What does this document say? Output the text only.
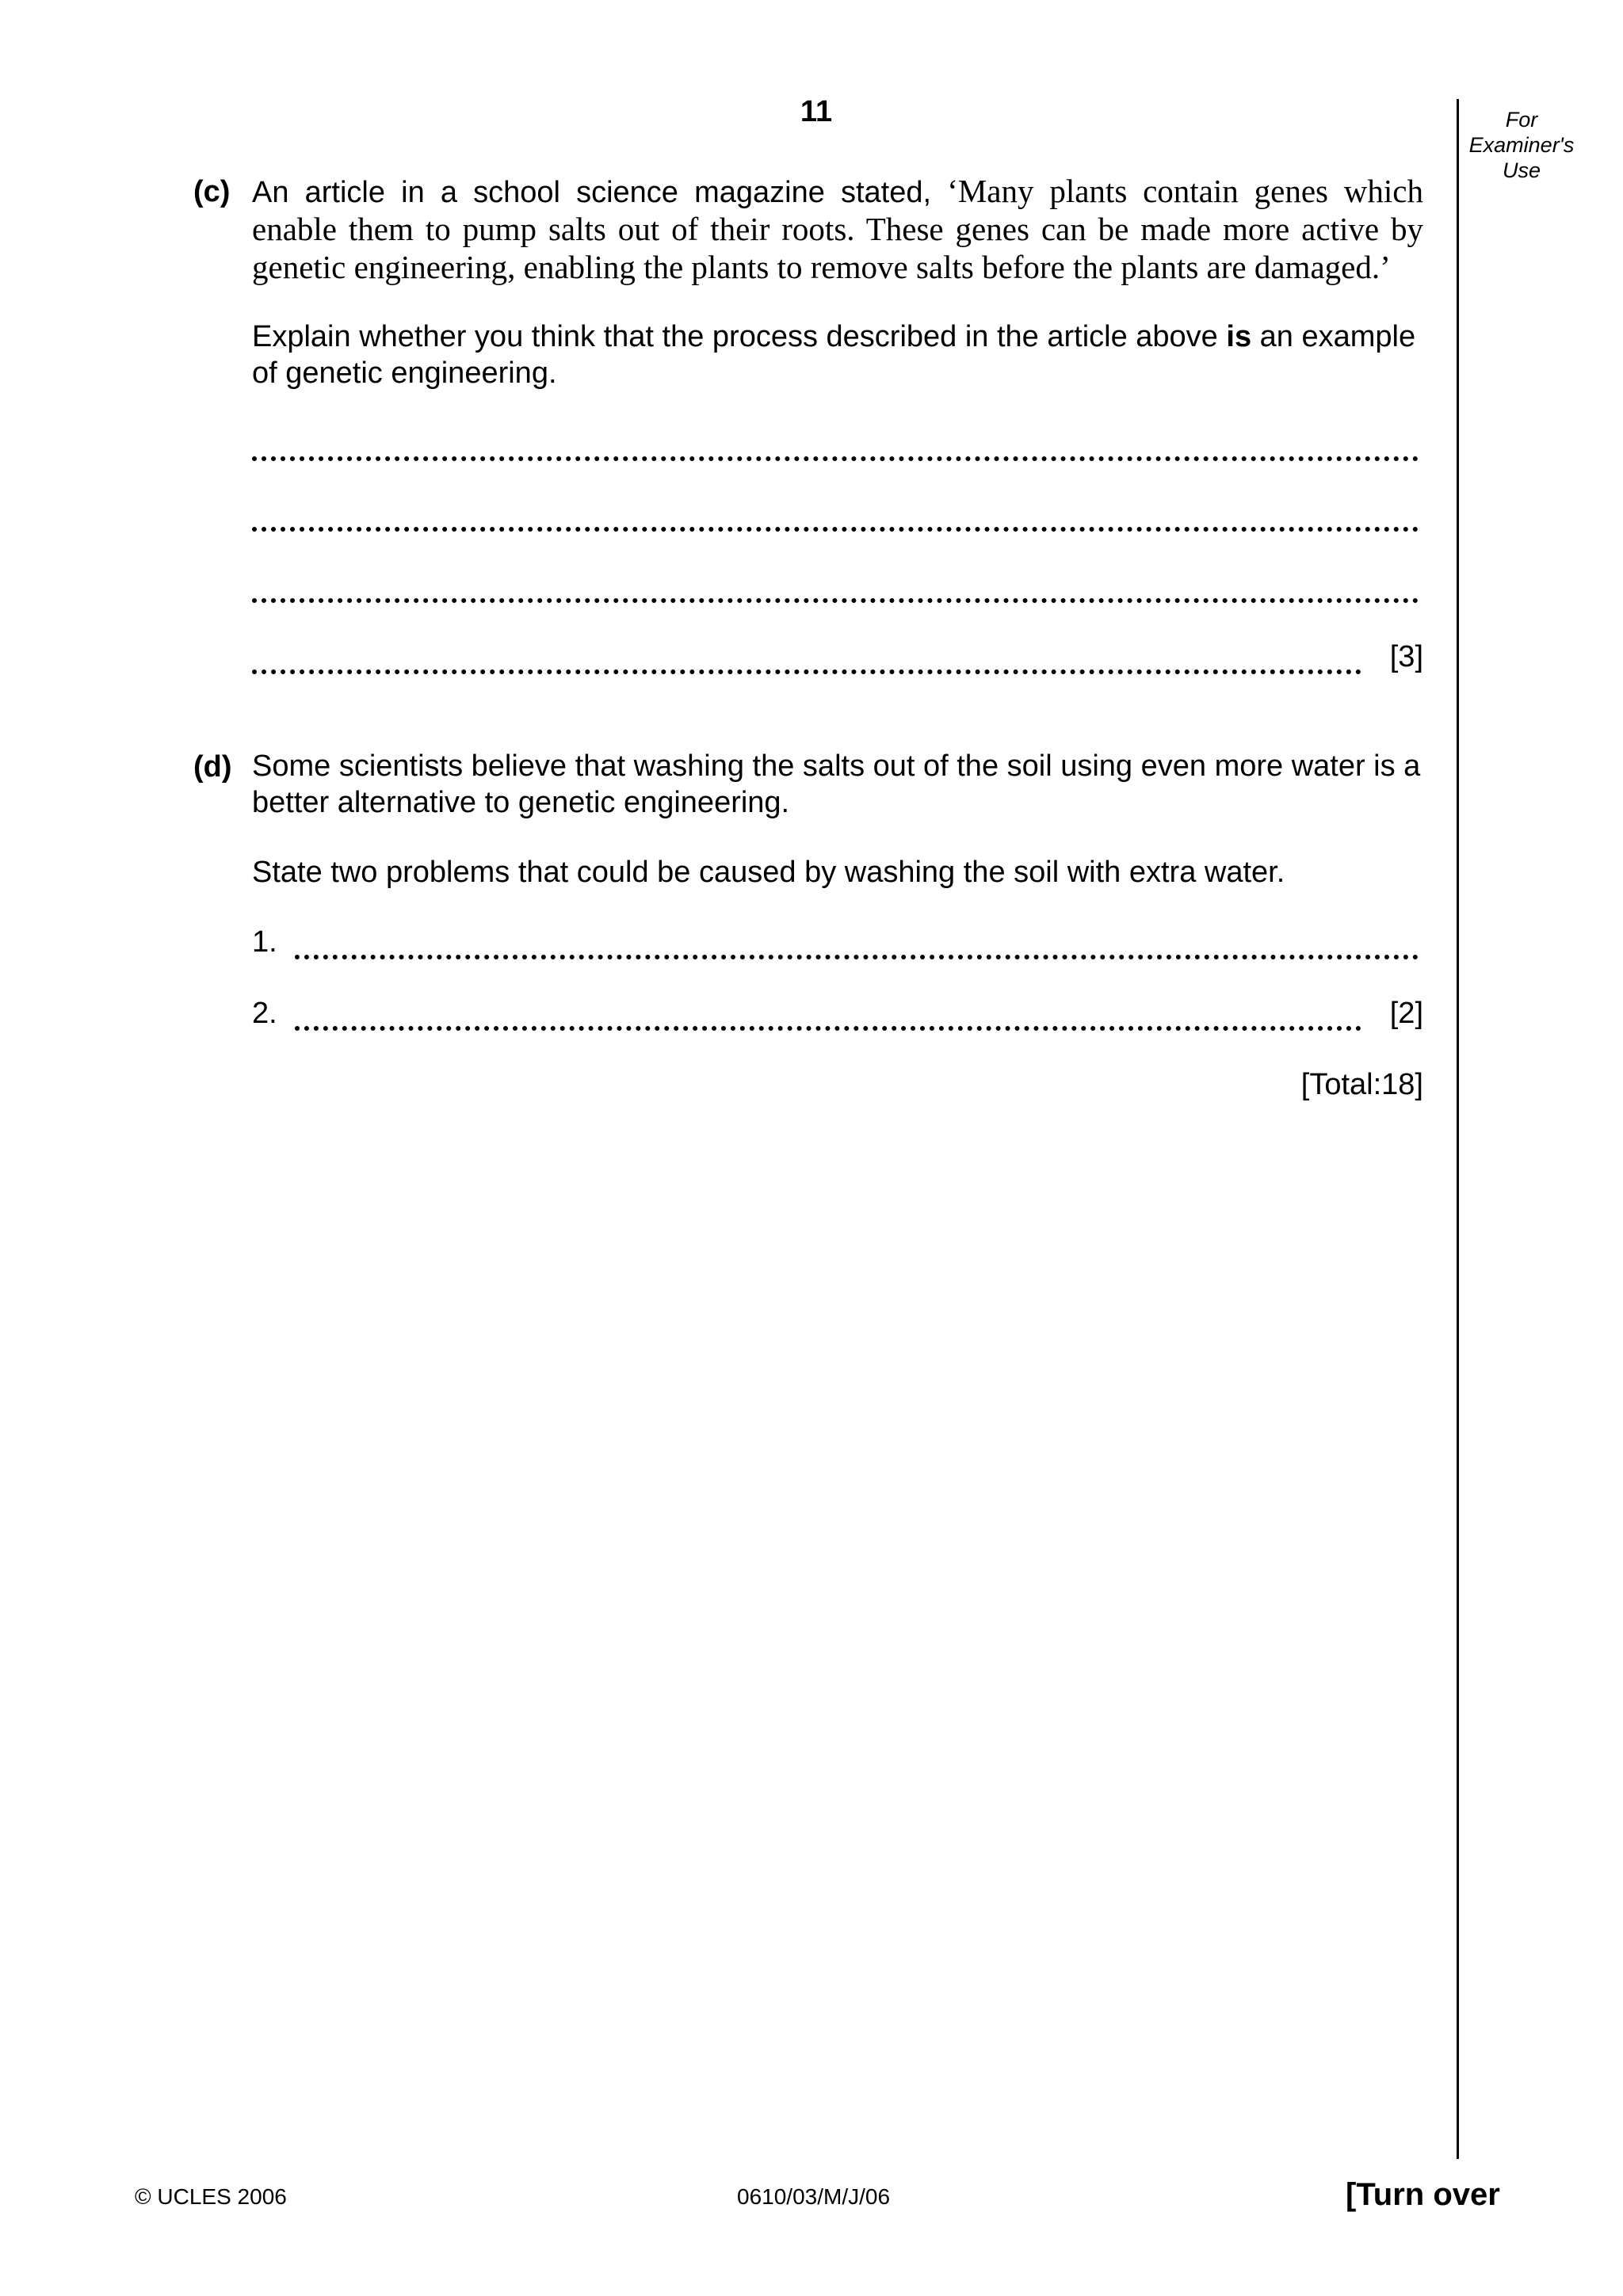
11	For
Examiner's
Use
(c) An article in a school science magazine stated, ‘Many plants contain genes which enable them to pump salts out of their roots. These genes can be made more active by genetic engineering, enabling the plants to remove salts before the plants are damaged.’
Explain whether you think that the process described in the article above is an example of genetic engineering.
[3]
(d) Some scientists believe that washing the salts out of the soil using even more water is a better alternative to genetic engineering.
State two problems that could be caused by washing the soil with extra water.
1.
2.	[2]
[Total:18]
© UCLES 2006	0610/03/M/J/06	[Turn over
